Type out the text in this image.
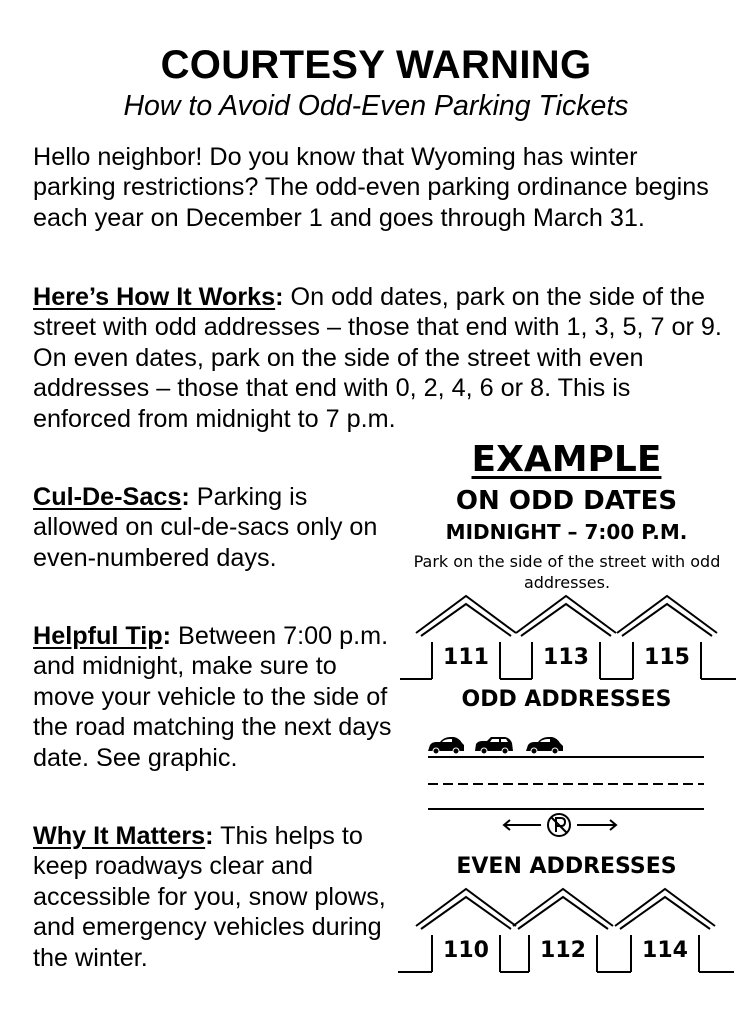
COURTESY WARNING
How to Avoid Odd-Even Parking Tickets

Hello neighbor! Do you know that Wyoming has winter parking restrictions? The odd-even parking ordinance begins each year on December 1 and goes through March 31.

Here’s How It Works: On odd dates, park on the side of the street with odd addresses – those that end with 1, 3, 5, 7 or 9. On even dates, park on the side of the street with even addresses – those that end with 0, 2, 4, 6 or 8. This is enforced from midnight to 7 p.m.

Cul-De-Sacs: Parking is allowed on cul-de-sacs only on even-numbered days.

Helpful Tip: Between 7:00 p.m. and midnight, make sure to move your vehicle to the side of the road matching the next days date. See graphic.

Why It Matters: This helps to keep roadways clear and accessible for you, snow plows, and emergency vehicles during the winter.

EXAMPLE
ON ODD DATES
MIDNIGHT – 7:00 P.M.
Park on the side of the street with odd addresses.
ODD ADDRESSES
EVEN ADDRESSES
111 113	115
110 112	114
